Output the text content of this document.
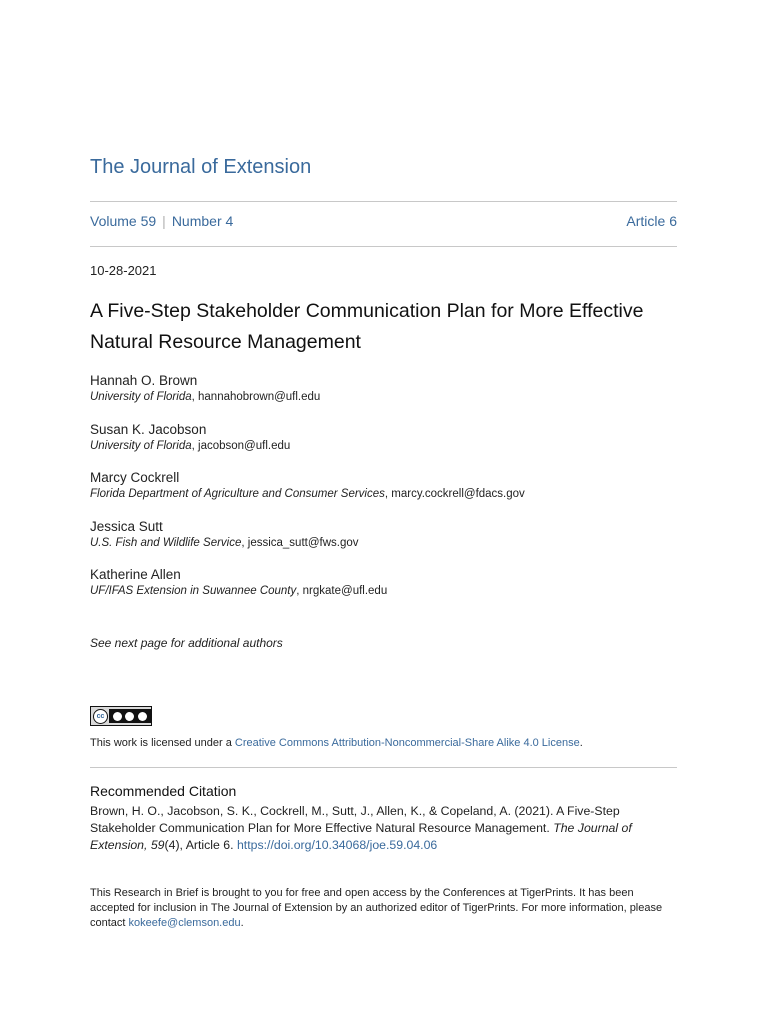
The Journal of Extension
Volume 59 | Number 4	Article 6
10-28-2021
A Five-Step Stakeholder Communication Plan for More Effective Natural Resource Management
Hannah O. Brown
University of Florida, hannahobrown@ufl.edu
Susan K. Jacobson
University of Florida, jacobson@ufl.edu
Marcy Cockrell
Florida Department of Agriculture and Consumer Services, marcy.cockrell@fdacs.gov
Jessica Sutt
U.S. Fish and Wildlife Service, jessica_sutt@fws.gov
Katherine Allen
UF/IFAS Extension in Suwannee County, nrgkate@ufl.edu
See next page for additional authors
cc
This work is licensed under a Creative Commons Attribution-Noncommercial-Share Alike 4.0 License.
Recommended Citation
Brown, H. O., Jacobson, S. K., Cockrell, M., Sutt, J., Allen, K., & Copeland, A. (2021). A Five-Step Stakeholder Communication Plan for More Effective Natural Resource Management. The Journal of Extension, 59(4), Article 6. https://doi.org/10.34068/joe.59.04.06
This Research in Brief is brought to you for free and open access by the Conferences at TigerPrints. It has been accepted for inclusion in The Journal of Extension by an authorized editor of TigerPrints. For more information, please contact kokeefe@clemson.edu.
